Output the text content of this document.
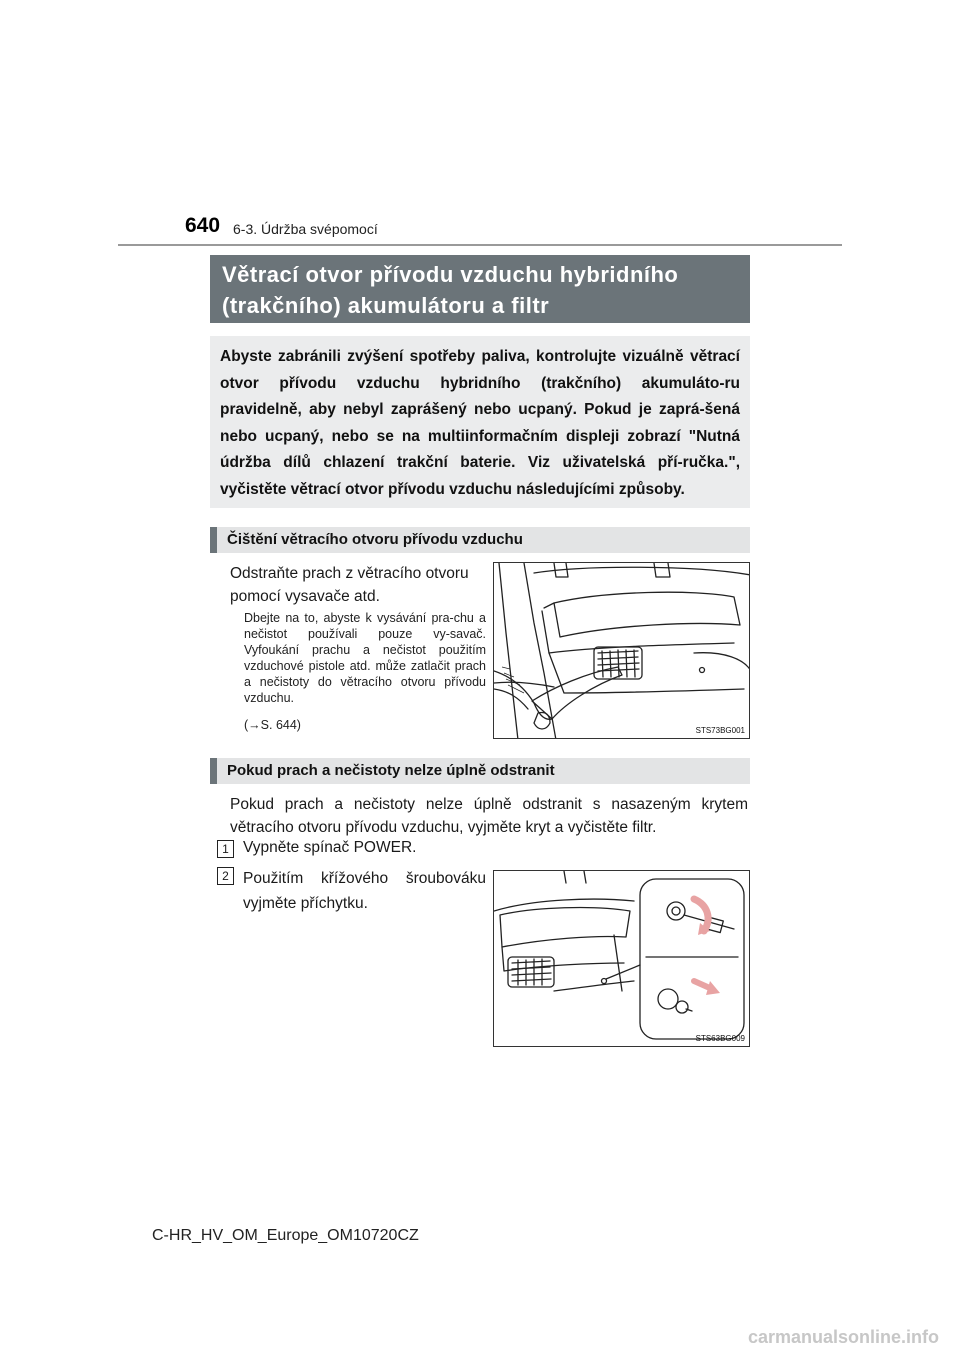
640 6-3. Údržba svépomocí
Větrací otvor přívodu vzduchu hybridního
(trakčního) akumulátoru a filtr
Abyste zabránili zvýšení spotřeby paliva, kontrolujte vizuálně větrací otvor přívodu vzduchu hybridního (trakčního) akumuláto-ru pravidelně, aby nebyl zaprášený nebo ucpaný. Pokud je zaprá-šená nebo ucpaný, nebo se na multiinformačním displeji zobrazí "Nutná údržba dílů chlazení trakční baterie. Viz uživatelská pří-ručka.", vyčistěte větrací otvor přívodu vzduchu následujícími způsoby.
Čištění větracího otvoru přívodu vzduchu
Odstraňte prach z větracího otvoru pomocí vysavače atd.
Dbejte na to, abyste k vysávání pra-chu a nečistot používali pouze vy-savač. Vyfoukání prachu a nečistot použitím vzduchové pistole atd. může zatlačit prach a nečistoty do větracího otvoru přívodu vzduchu.
(→S. 644)	STS73BG001
Pokud prach a nečistoty nelze úplně odstranit
Pokud prach a nečistoty nelze úplně odstranit s nasazeným krytem větracího otvoru přívodu vzduchu, vyjměte kryt a vyčistěte filtr.
1 Vypněte spínač POWER.
2 Použitím křížového šroubováku vyjměte příchytku.
STS63BG009
C-HR_HV_OM_Europe_OM10720CZ
carmanualsonline.info
